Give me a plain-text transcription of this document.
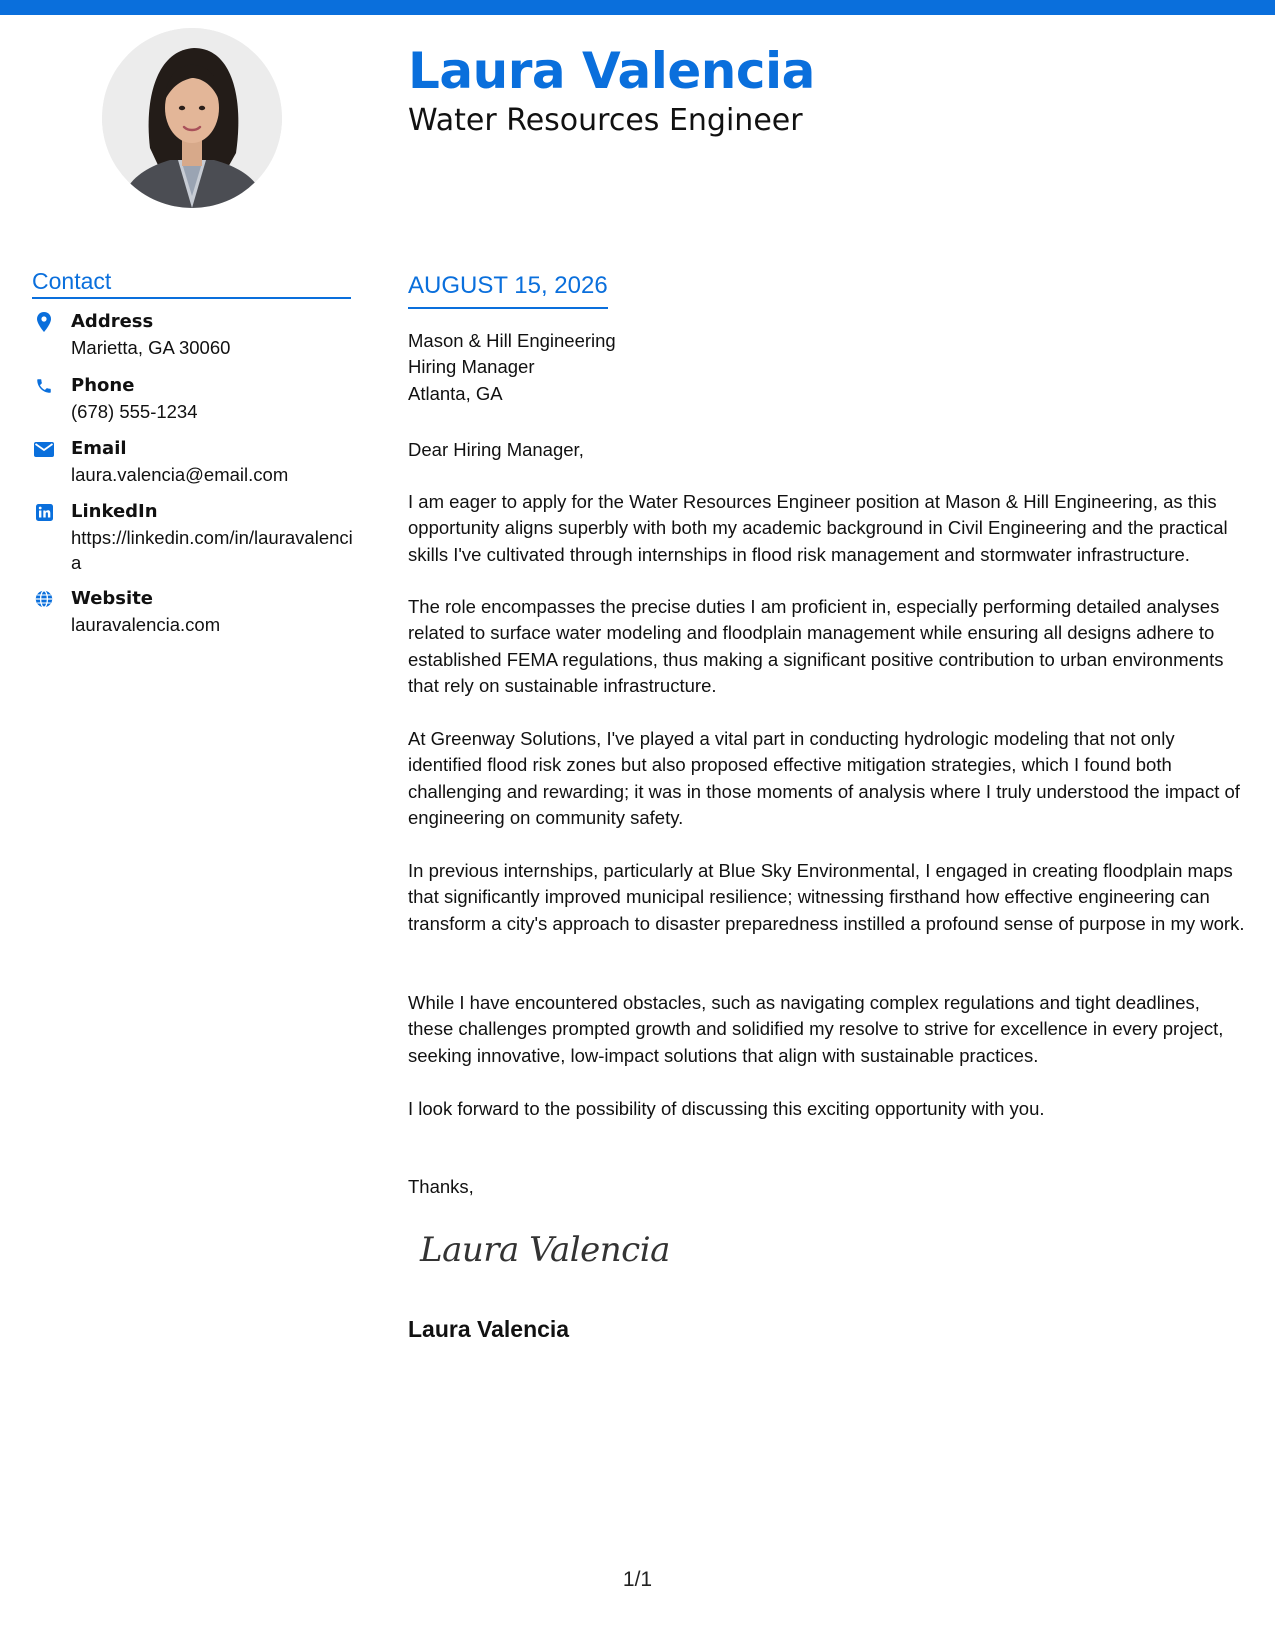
Laura Valencia
Water Resources Engineer
Contact
Address
Marietta, GA 30060
Phone
(678) 555-1234
Email
laura.valencia@email.com
LinkedIn
https://linkedin.com/in/lauravalencia
Website
lauravalencia.com
AUGUST 15, 2026
Mason & Hill Engineering
Hiring Manager
Atlanta, GA
Dear Hiring Manager,

I am eager to apply for the Water Resources Engineer position at Mason & Hill Engineering, as this opportunity aligns superbly with both my academic background in Civil Engineering and the practical skills I've cultivated through internships in flood risk management and stormwater infrastructure.

The role encompasses the precise duties I am proficient in, especially performing detailed analyses related to surface water modeling and floodplain management while ensuring all designs adhere to established FEMA regulations, thus making a significant positive contribution to urban environments that rely on sustainable infrastructure.

At Greenway Solutions, I've played a vital part in conducting hydrologic modeling that not only identified flood risk zones but also proposed effective mitigation strategies, which I found both challenging and rewarding; it was in those moments of analysis where I truly understood the impact of engineering on community safety.

In previous internships, particularly at Blue Sky Environmental, I engaged in creating floodplain maps that significantly improved municipal resilience; witnessing firsthand how effective engineering can transform a city's approach to disaster preparedness instilled a profound sense of purpose in my work.

While I have encountered obstacles, such as navigating complex regulations and tight deadlines, these challenges prompted growth and solidified my resolve to strive for excellence in every project, seeking innovative, low-impact solutions that align with sustainable practices.

I look forward to the possibility of discussing this exciting opportunity with you.

Thanks,
Laura Valencia
Laura Valencia
1/1
